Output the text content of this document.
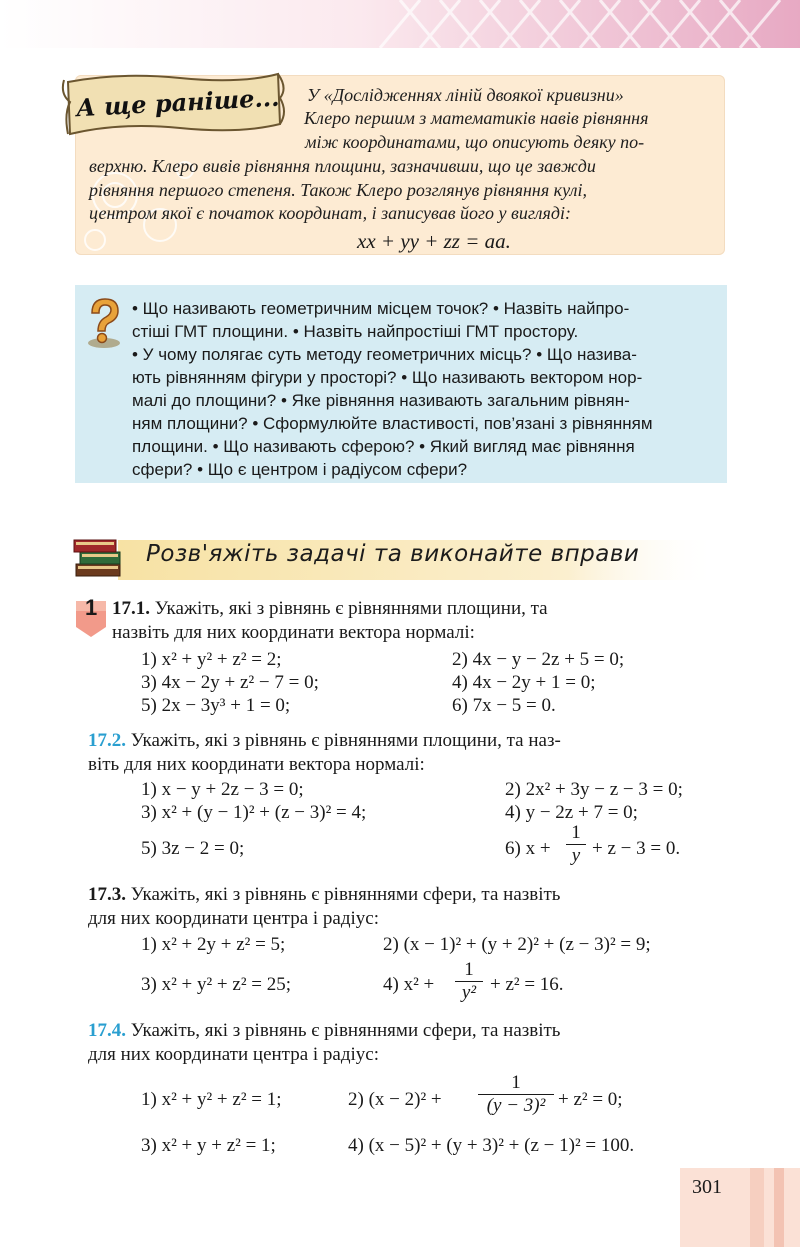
А ще раніше... У «Дослідженнях ліній двоякої кривизни»
Клеро першим з математиків навів рівняння
між координатами, що описують деяку по-
верхню. Клеро вивів рівняння площини, зазначивши, що це завжди
рівняння першого степеня. Також Клеро розглянув рівняння кулі,
центром якої є початок координат, і записував його у вигляді:
xx + yy + zz = aa.
• Що називають геометричним місцем точок? • Назвіть найпро-
стіші ГМТ площини. • Назвіть найпростіші ГМТ простору.
• У чому полягає суть методу геометричних місць? • Що назива-
ють рівнянням фігури у просторі? • Що називають вектором нор-
малі до площини? • Яке рівняння називають загальним рівнян-
ням площини? • Сформулюйте властивості, пов’язані з рівнянням
площини. • Що називають сферою? • Який вигляд має рівняння
сфери? • Що є центром і радіусом сфери?
Розв'яжіть задачі та виконайте вправи
1 17.1. Укажіть, які з рівнянь є рівняннями площини, та
назвіть для них координати вектора нормалі:
1) x² + y² + z² = 2;	2) 4x − y − 2z + 5 = 0;
3) 4x − 2y + z² − 7 = 0;	4) 4x − 2y + 1 = 0;
5) 2x − 3y³ + 1 = 0;	6) 7x − 5 = 0.
17.2. Укажіть, які з рівнянь є рівняннями площини, та наз-
віть для них координати вектора нормалі:
1) x − y + 2z − 3 = 0;	2) 2x² + 3y − z − 3 = 0;
3) x² + (y − 1)² + (z − 3)² = 4;	4) y − 2z + 7 = 0;
5) 3z − 2 = 0;	6) $x + \frac{1}{y} + z - 3 = 0$.
17.3. Укажіть, які з рівнянь є рівняннями сфери, та назвіть
для них координати центра і радіус:
1) x² + 2y + z² = 5;	2) (x − 1)² + (y + 2)² + (z − 3)² = 9;
3) x² + y² + z² = 25;	4) $x^2 + \frac{1}{\text{y²}} + z^2 = 16$.
17.4. Укажіть, які з рівнянь є рівняннями сфери, та назвіть
для них координати центра і радіус:
1) x² + y² + z² = 1;	2) $(x - 2)^2 + \frac{1}{\text{(y − 3)²}} + z^2 = 0$;
3) x² + y + z² = 1;	4) (x − 5)² + (y + 3)² + (z − 1)² = 100.
301
